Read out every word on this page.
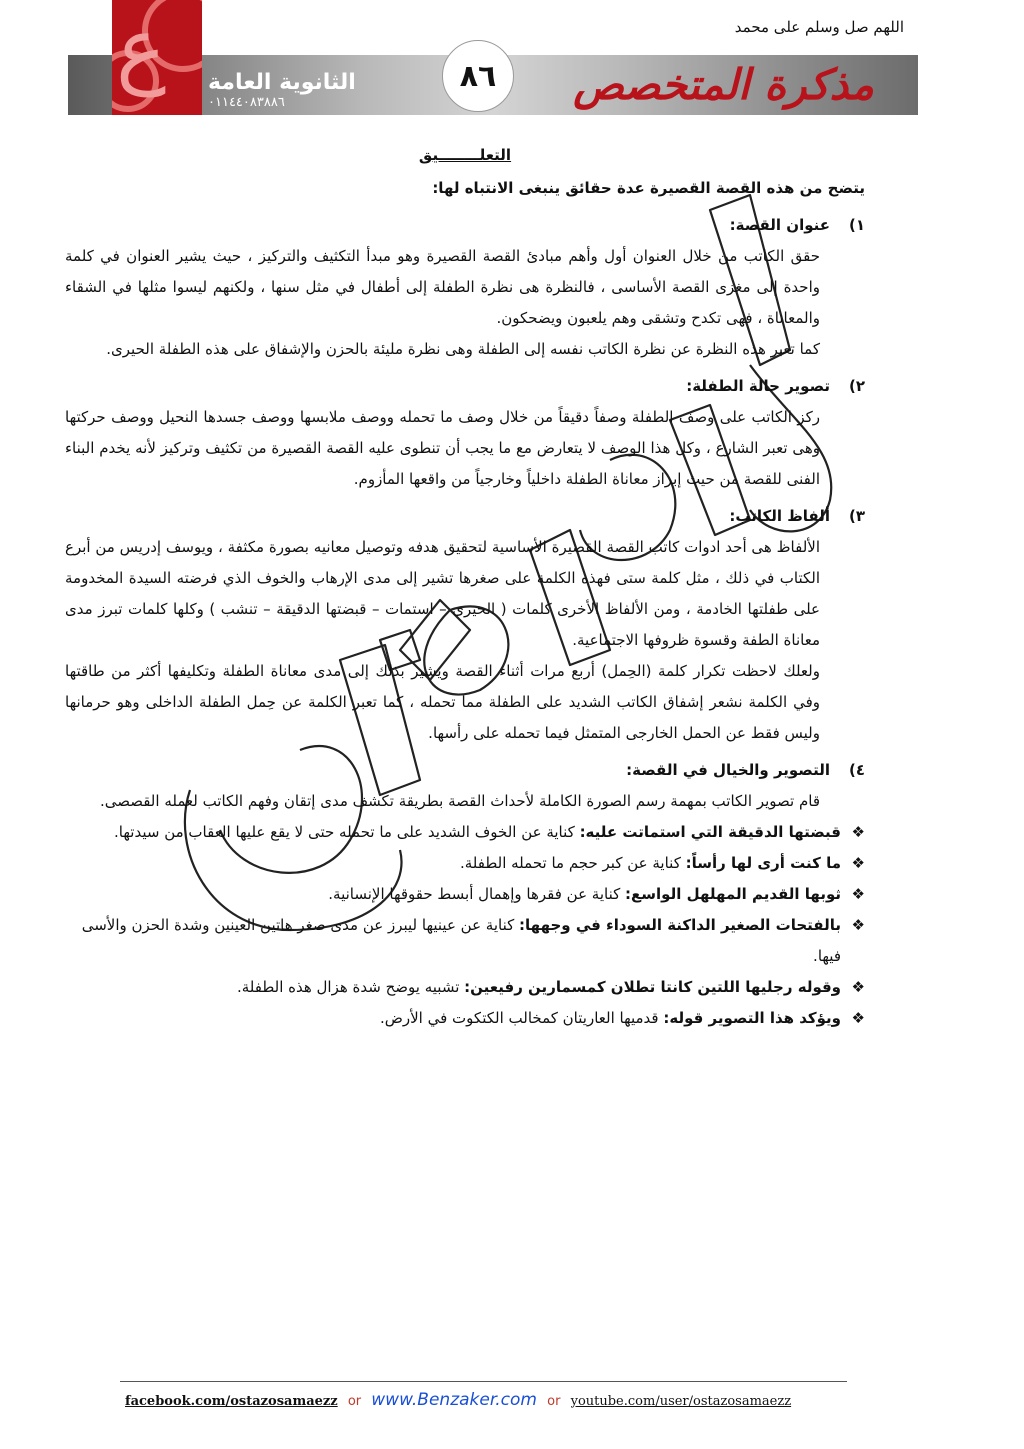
اللهم صل وسلم على محمد
ع الثانوية العامة
٠١١٤٤٠٨٣٨٨٦
٨٦	مذكرة المتخصص
التعلــــــــيق
يتضح من هذه القصة القصيرة عدة حقائق ينبغى الانتباه لها:
١)عنوان القصة:
حقق الكاتب من خلال العنوان أول وأهم مبادئ القصة القصيرة وهو مبدأ التكثيف والتركيز ، حيث يشير العنوان في كلمة واحدة إلى مغزى القصة الأساسى ، فالنظرة هى نظرة الطفلة إلى أطفال في مثل سنها ، ولكنهم ليسوا مثلها في الشقاء والمعاناة ، فهى تكدح وتشقى وهم يلعبون ويضحكون.
كما تعبر هذه النظرة عن نظرة الكاتب نفسه إلى الطفلة وهى نظرة مليئة بالحزن والإشفاق على هذه الطفلة الحيرى.
٢)تصوير حالة الطفلة:
ركز الكاتب على وصف الطفلة وصفاً دقيقاً من خلال وصف ما تحمله ووصف ملابسها ووصف جسدها النحيل ووصف حركتها وهى تعبر الشارع ، وكل هذا الوصف لا يتعارض مع ما يجب أن تنطوى عليه القصة القصيرة من تكثيف وتركيز لأنه يخدم البناء الفنى للقصة من حيث إبراز معاناة الطفلة داخلياً وخارجياً من واقعها المأزوم.
٣)ألفاظ الكاتب:
الألفاظ هى أحد ادوات كاتب القصة القصيرة الأساسية لتحقيق هدفه وتوصيل معانيه بصورة مكثفة ، ويوسف إدريس من أبرع الكتاب في ذلك ، مثل كلمة ستى فهذه الكلمة على صغرها تشير إلى مدى الإرهاب والخوف الذي فرضته السيدة المخدومة على طفلتها الخادمة ، ومن الألفاظ الأخرى كلمات ( الحيرى – استمات – قبضتها الدقيقة – تنشب ) وكلها كلمات تبرز مدى معاناة الطفة وقسوة ظروفها الاجتماعية.
ولعلك لاحظت تكرار كلمة (الحِمل) أربع مرات أثناء القصة ويشير بذلك إلى مدى معاناة الطفلة وتكليفها أكثر من طاقتها وفي الكلمة نشعر إشفاق الكاتب الشديد على الطفلة مما تحمله ، كما تعبر الكلمة عن حِمل الطفلة الداخلى وهو حرمانها وليس فقط عن الحمل الخارجى المتمثل فيما تحمله على رأسها.
٤)التصوير والخيال في القصة:
قام تصوير الكاتب بمهمة رسم الصورة الكاملة لأحداث القصة بطريقة تكشف مدى إتقان وفهم الكاتب لعمله القصصى.
❖
قبضتها الدقيقة التي استماتت عليه: كناية عن الخوف الشديد على ما تحمله حتى لا يقع عليها العقاب من سيدتها.
❖
ما كنت أرى لها رأساً: كناية عن كبر حجم ما تحمله الطفلة.
❖
ثوبها القديم المهلهل الواسع: كناية عن فقرها وإهمال أبسط حقوقها الإنسانية.
❖
بالفتحات الصغير الداكنة السوداء في وجهها: كناية عن عينيها ليبرز عن مدى صغر هاتين العينين وشدة الحزن والأسى فيها.
❖
وقوله رجليها اللتين كانتا تطلان كمسمارين رفيعين: تشبيه يوضح شدة هزال هذه الطفلة.
❖
ويؤكد هذا التصوير قوله: قدميها العاريتان كمخالب الكتكوت في الأرض.
facebook.com/ostazosamaezz or www.Benzaker.com or youtube.com/user/ostazosamaezz
